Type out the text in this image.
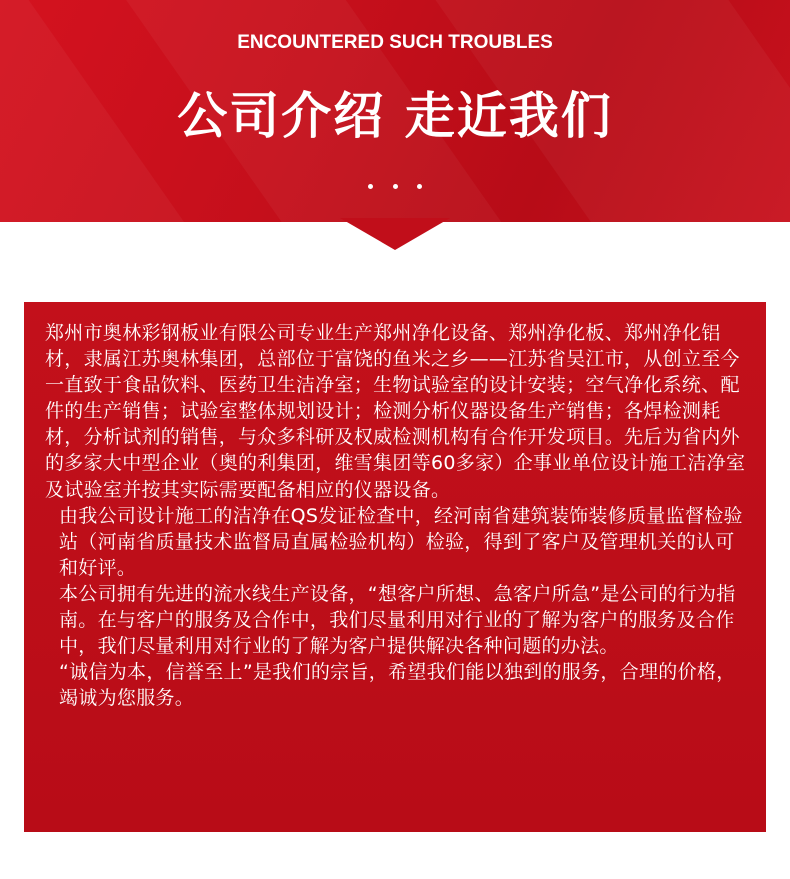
ENCOUNTERED SUCH TROUBLES
公司介绍 走近我们

郑州市奥林彩钢板业有限公司专业生产郑州净化设备、郑州净化板、郑州净化铝材，隶属江苏奥林集团，总部位于富饶的鱼米之乡——江苏省吴江市，从创立至今一直致于食品饮料、医药卫生洁净室；生物试验室的设计安装；空气净化系统、配件的生产销售；试验室整体规划设计；检测分析仪器设备生产销售；各焊检测耗材，分析试剂的销售，与众多科研及权威检测机构有合作开发项目。先后为省内外的多家大中型企业（奥的利集团，维雪集团等60多家）企事业单位设计施工洁净室及试验室并按其实际需要配备相应的仪器设备。

由我公司设计施工的洁净在QS发证检查中，经河南省建筑装饰装修质量监督检验站（河南省质量技术监督局直属检验机构）检验，得到了客户及管理机关的认可和好评。

本公司拥有先进的流水线生产设备，“想客户所想、急客户所急”是公司的行为指南。在与客户的服务及合作中，我们尽量利用对行业的了解为客户的服务及合作中，我们尽量利用对行业的了解为客户提供解决各种问题的办法。

“诚信为本，信誉至上”是我们的宗旨，希望我们能以独到的服务，合理的价格，竭诚为您服务。
